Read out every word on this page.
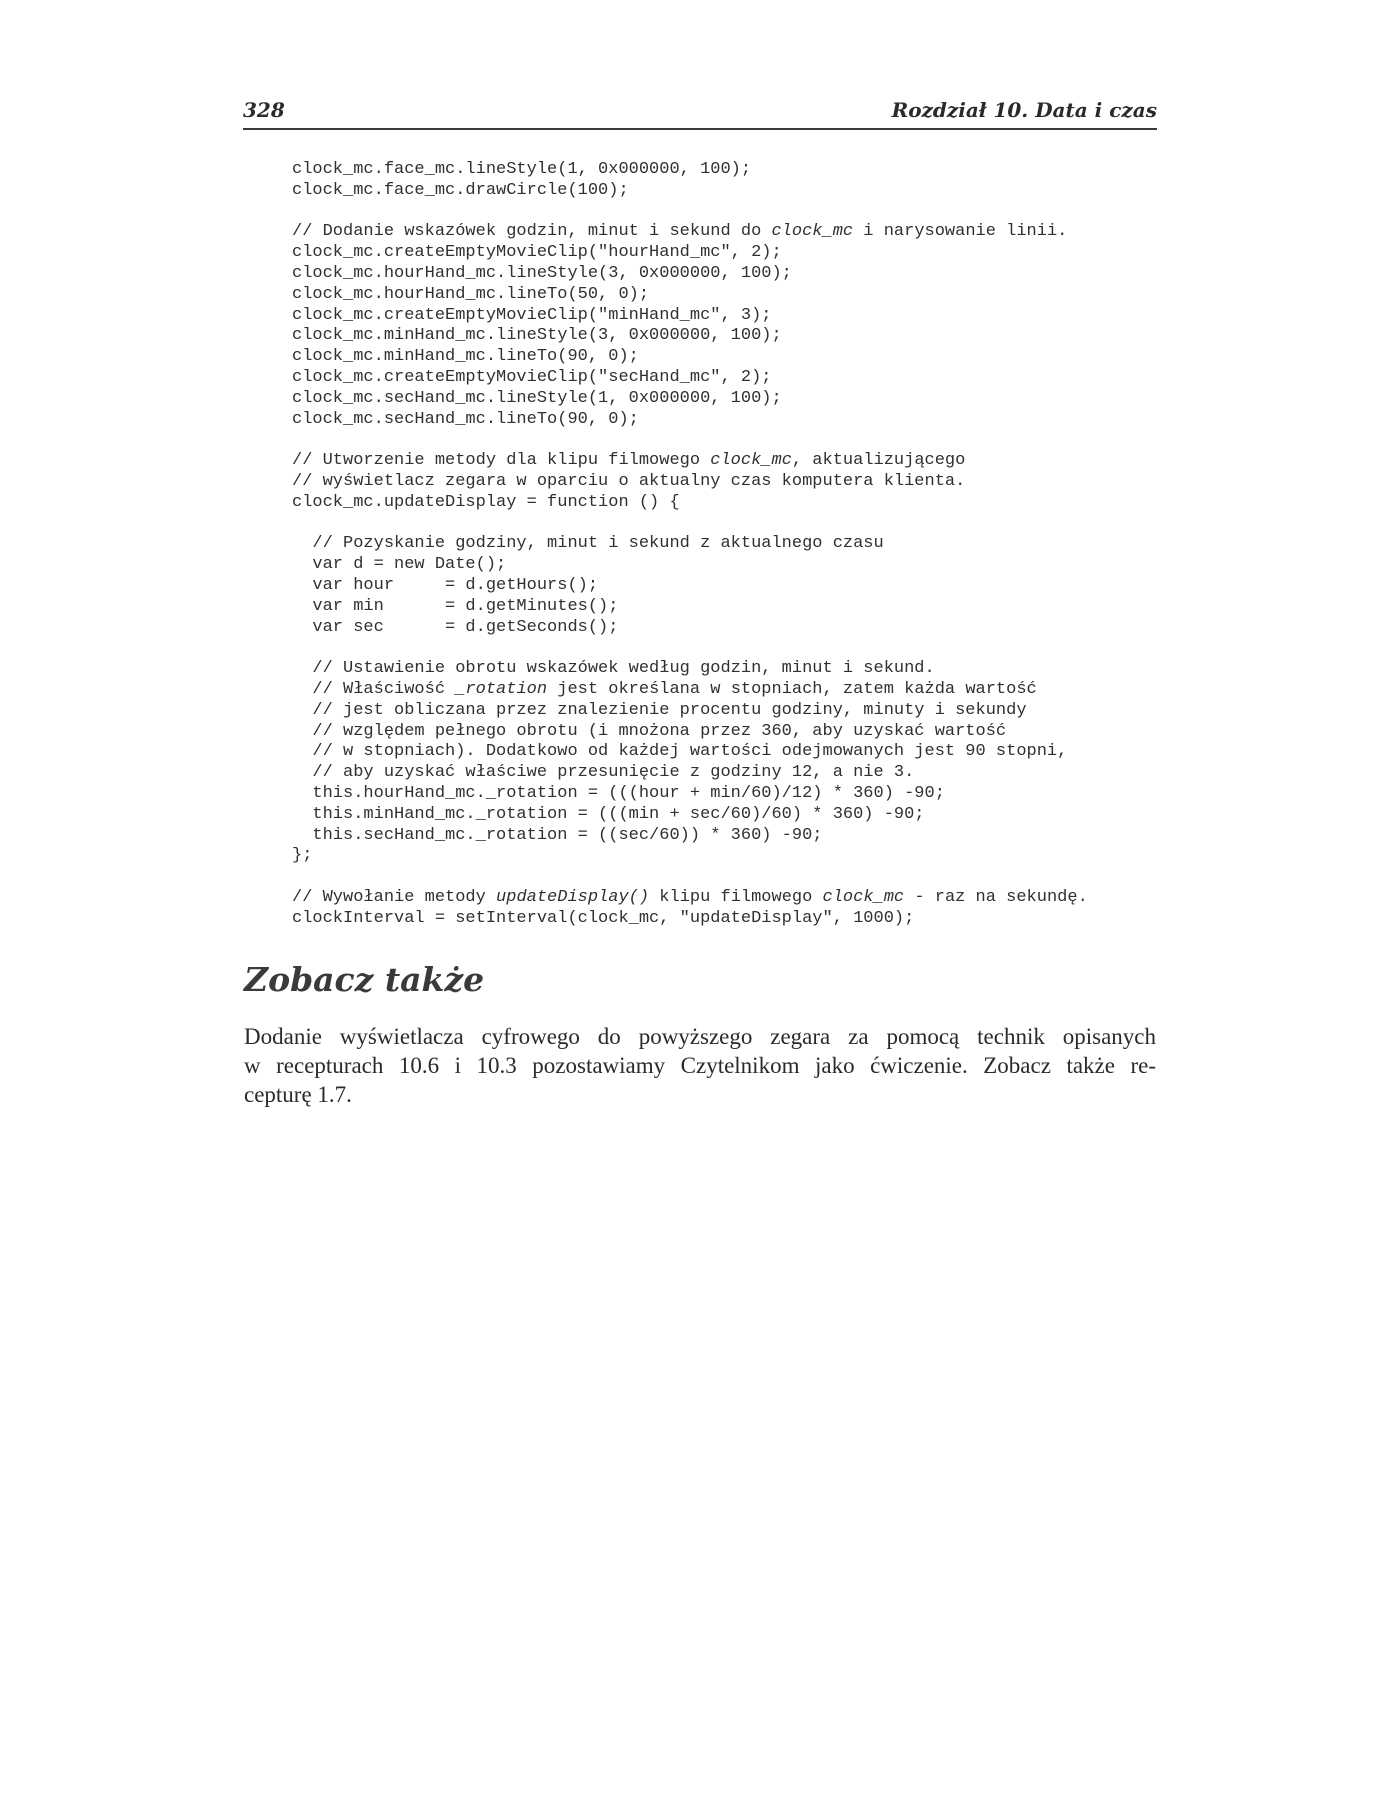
328	Rozdział 10. Data i czas
clock_mc.face_mc.lineStyle(1, 0x000000, 100);
clock_mc.face_mc.drawCircle(100);
// Dodanie wskazówek godzin, minut i sekund do clock_mc i narysowanie linii.
clock_mc.createEmptyMovieClip("hourHand_mc", 2);
clock_mc.hourHand_mc.lineStyle(3, 0x000000, 100);
clock_mc.hourHand_mc.lineTo(50, 0);
clock_mc.createEmptyMovieClip("minHand_mc", 3);
clock_mc.minHand_mc.lineStyle(3, 0x000000, 100);
clock_mc.minHand_mc.lineTo(90, 0);
clock_mc.createEmptyMovieClip("secHand_mc", 2);
clock_mc.secHand_mc.lineStyle(1, 0x000000, 100);
clock_mc.secHand_mc.lineTo(90, 0);
// Utworzenie metody dla klipu filmowego clock_mc, aktualizującego
// wyświetlacz zegara w oparciu o aktualny czas komputera klienta.
clock_mc.updateDisplay = function () {
// Pozyskanie godziny, minut i sekund z aktualnego czasu
var d = new Date();
var hour     = d.getHours();
var min      = d.getMinutes();
var sec      = d.getSeconds();
// Ustawienie obrotu wskazówek według godzin, minut i sekund.
// Właściwość _rotation jest określana w stopniach, zatem każda wartość
// jest obliczana przez znalezienie procentu godziny, minuty i sekundy
// względem pełnego obrotu (i mnożona przez 360, aby uzyskać wartość
// w stopniach). Dodatkowo od każdej wartości odejmowanych jest 90 stopni,
// aby uzyskać właściwe przesunięcie z godziny 12, a nie 3.
this.hourHand_mc._rotation = (((hour + min/60)/12) * 360) -90;
this.minHand_mc._rotation = (((min + sec/60)/60) * 360) -90;
this.secHand_mc._rotation = ((sec/60)) * 360) -90;
};
// Wywołanie metody updateDisplay() klipu filmowego clock_mc - raz na sekundę.
clockInterval = setInterval(clock_mc, "updateDisplay", 1000);
Zobacz także

Dodanie wyświetlacza cyfrowego do powyższego zegara za pomocą technik opisanych
w recepturach 10.6 i 10.3 pozostawiamy Czytelnikom jako ćwiczenie. Zobacz także re-
cepturę 1.7.
